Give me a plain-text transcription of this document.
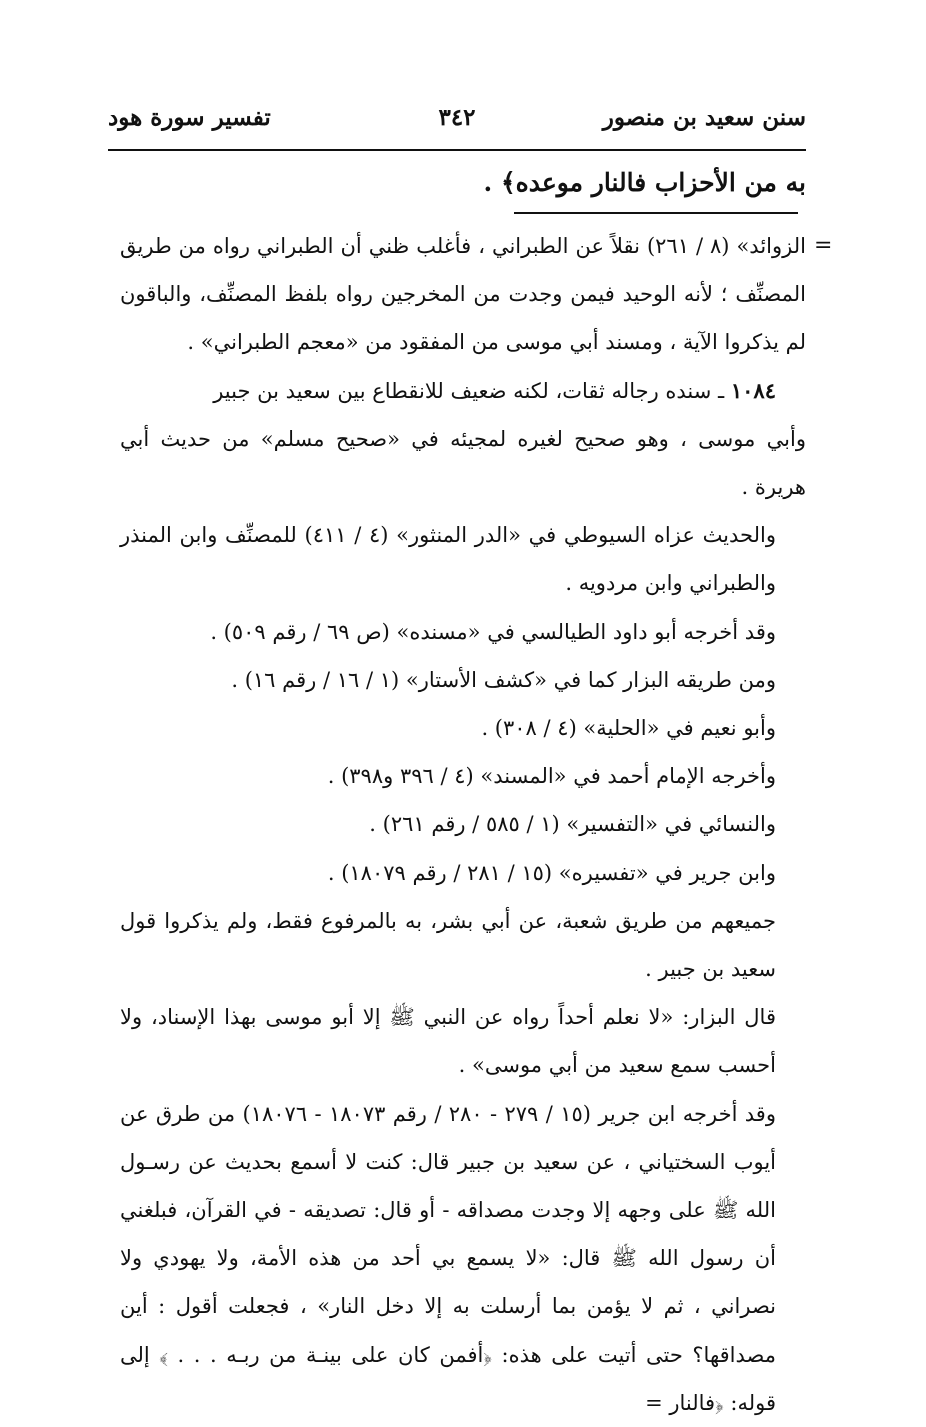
سنن سعيد بن منصور
٣٤٢
تفسير سورة هود
به من الأحزاب فالنار موعده﴾ .
=

الزوائد» (٨ / ٢٦١) نقلاً عن الطبراني ، فأغلب ظني أن الطبراني رواه من طريق المصنِّف ؛ لأنه الوحيد فيمن وجدت من المخرجين رواه بلفظ المصنِّف، والباقون لم يذكروا الآية ، ومسند أبي موسى من المفقود من «معجم الطبراني» .

١٠٨٤ ـ سنده رجاله ثقات، لكنه ضعيف للانقطاع بين سعيد بن جبير

وأبي موسى ، وهو صحيح لغيره لمجيئه في «صحيح مسلم» من حديث أبي هريرة .

والحديث عزاه السيوطي في «الدر المنثور» (٤ / ٤١١) للمصنِّف وابن المنذر والطبراني وابن مردويه .

وقد أخرجه أبو داود الطيالسي في «مسنده» (ص ٦٩ / رقم ٥٠٩) .

ومن طريقه البزار كما في «كشف الأستار» (١ / ١٦ / رقم ١٦) .

وأبو نعيم في «الحلية» (٤ / ٣٠٨) .

وأخرجه الإمام أحمد في «المسند» (٤ / ٣٩٦ و٣٩٨) .

والنسائي في «التفسير» (١ / ٥٨٥ / رقم ٢٦١) .

وابن جرير في «تفسيره» (١٥ / ٢٨١ / رقم ١٨٠٧٩) .

جميعهم من طريق شعبة، عن أبي بشر، به بالمرفوع فقط، ولم يذكروا قول سعيد بن جبير .

قال البزار: «لا نعلم أحداً رواه عن النبي ﷺ إلا أبو موسى بهذا الإسناد، ولا أحسب سمع سعيد من أبي موسى» .

وقد أخرجه ابن جرير (١٥ / ٢٧٩ - ٢٨٠ / رقم ١٨٠٧٣ - ١٨٠٧٦) من طرق عن أيوب السختياني ، عن سعيد بن جبير قال: كنت لا أسمع بحديث عن رسـول الله ﷺ على وجهه إلا وجدت مصداقه - أو قال: تصديقه - في القرآن، فبلغني أن رسول الله ﷺ قال: «لا يسمع بي أحد من هذه الأمة، ولا يهودي ولا نصراني ، ثم لا يؤمن بما أرسلت به إلا دخل النار» ، فجعلت أقول : أين مصداقها؟ حتى أتيت على هذه: ﴿أفمن كان على بينـة من ربـه . . . ﴾ إلى قوله: ﴿فالنار =
